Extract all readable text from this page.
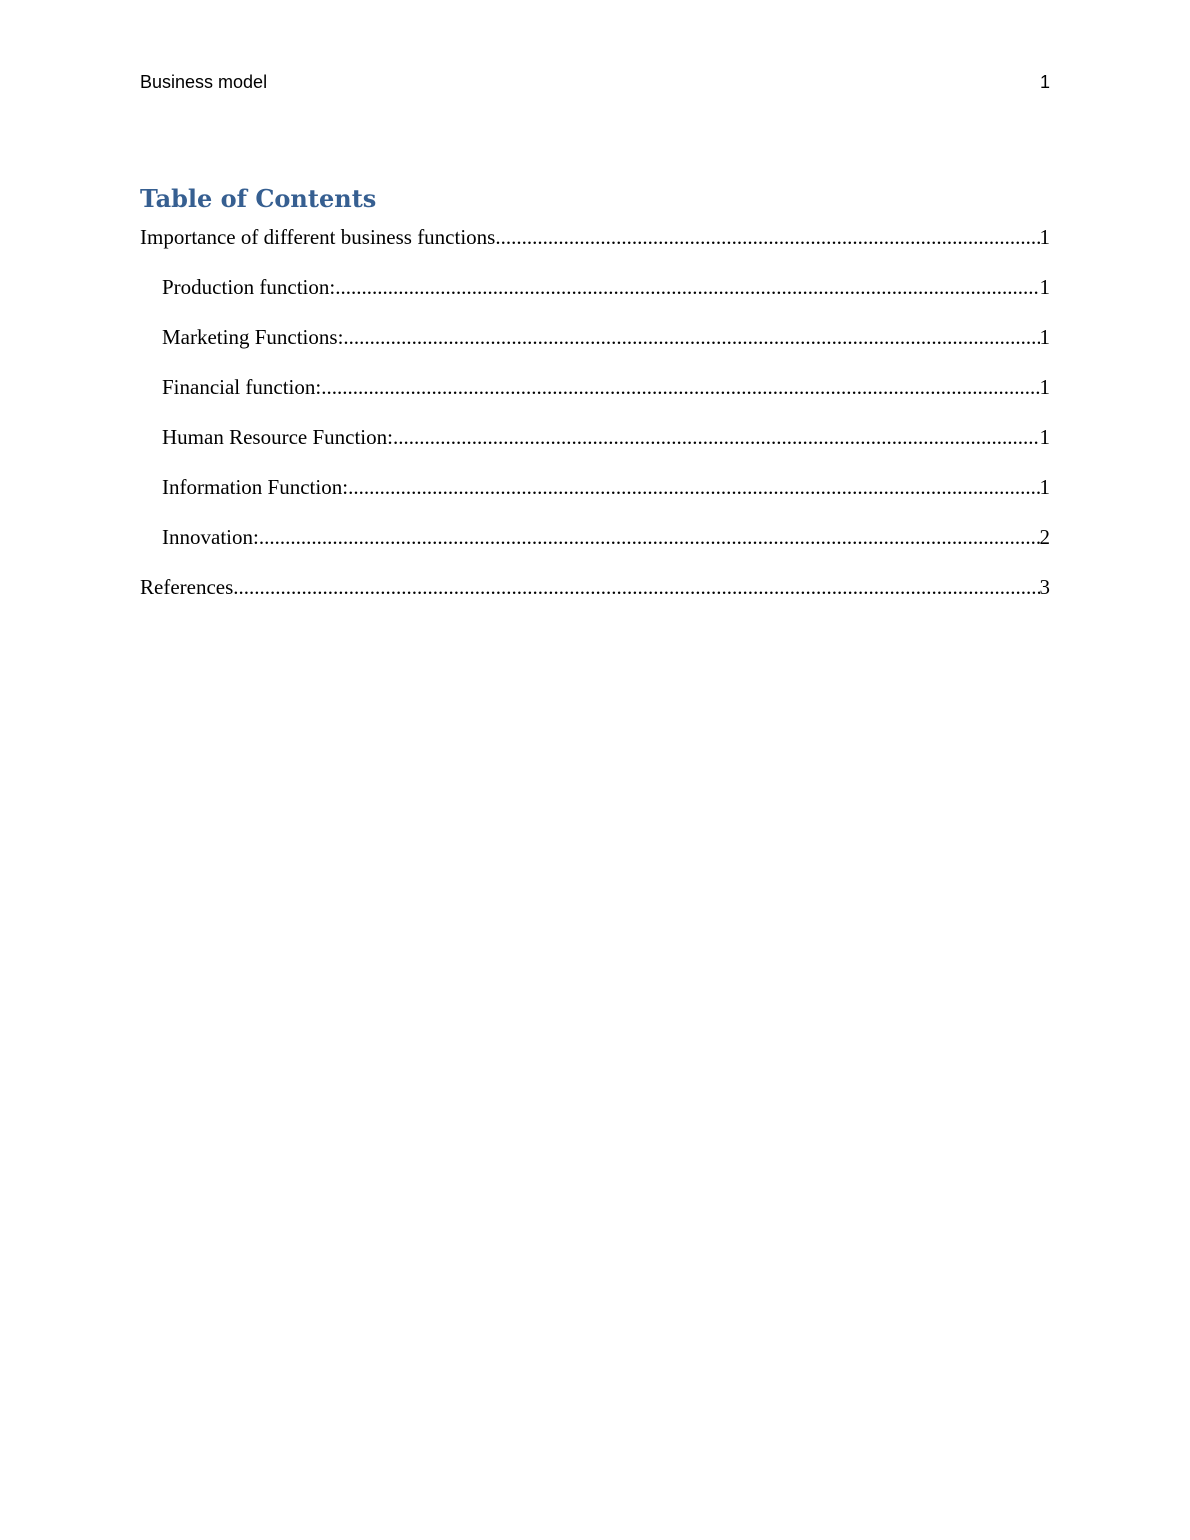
Business model	1
Table of Contents
Importance of different business functions .....	1
Production function: .....	1
Marketing Functions: .....	1
Financial function: .....	1
Human Resource Function: .....	1
Information Function: .....	1
Innovation: .....	2
References .....	3
